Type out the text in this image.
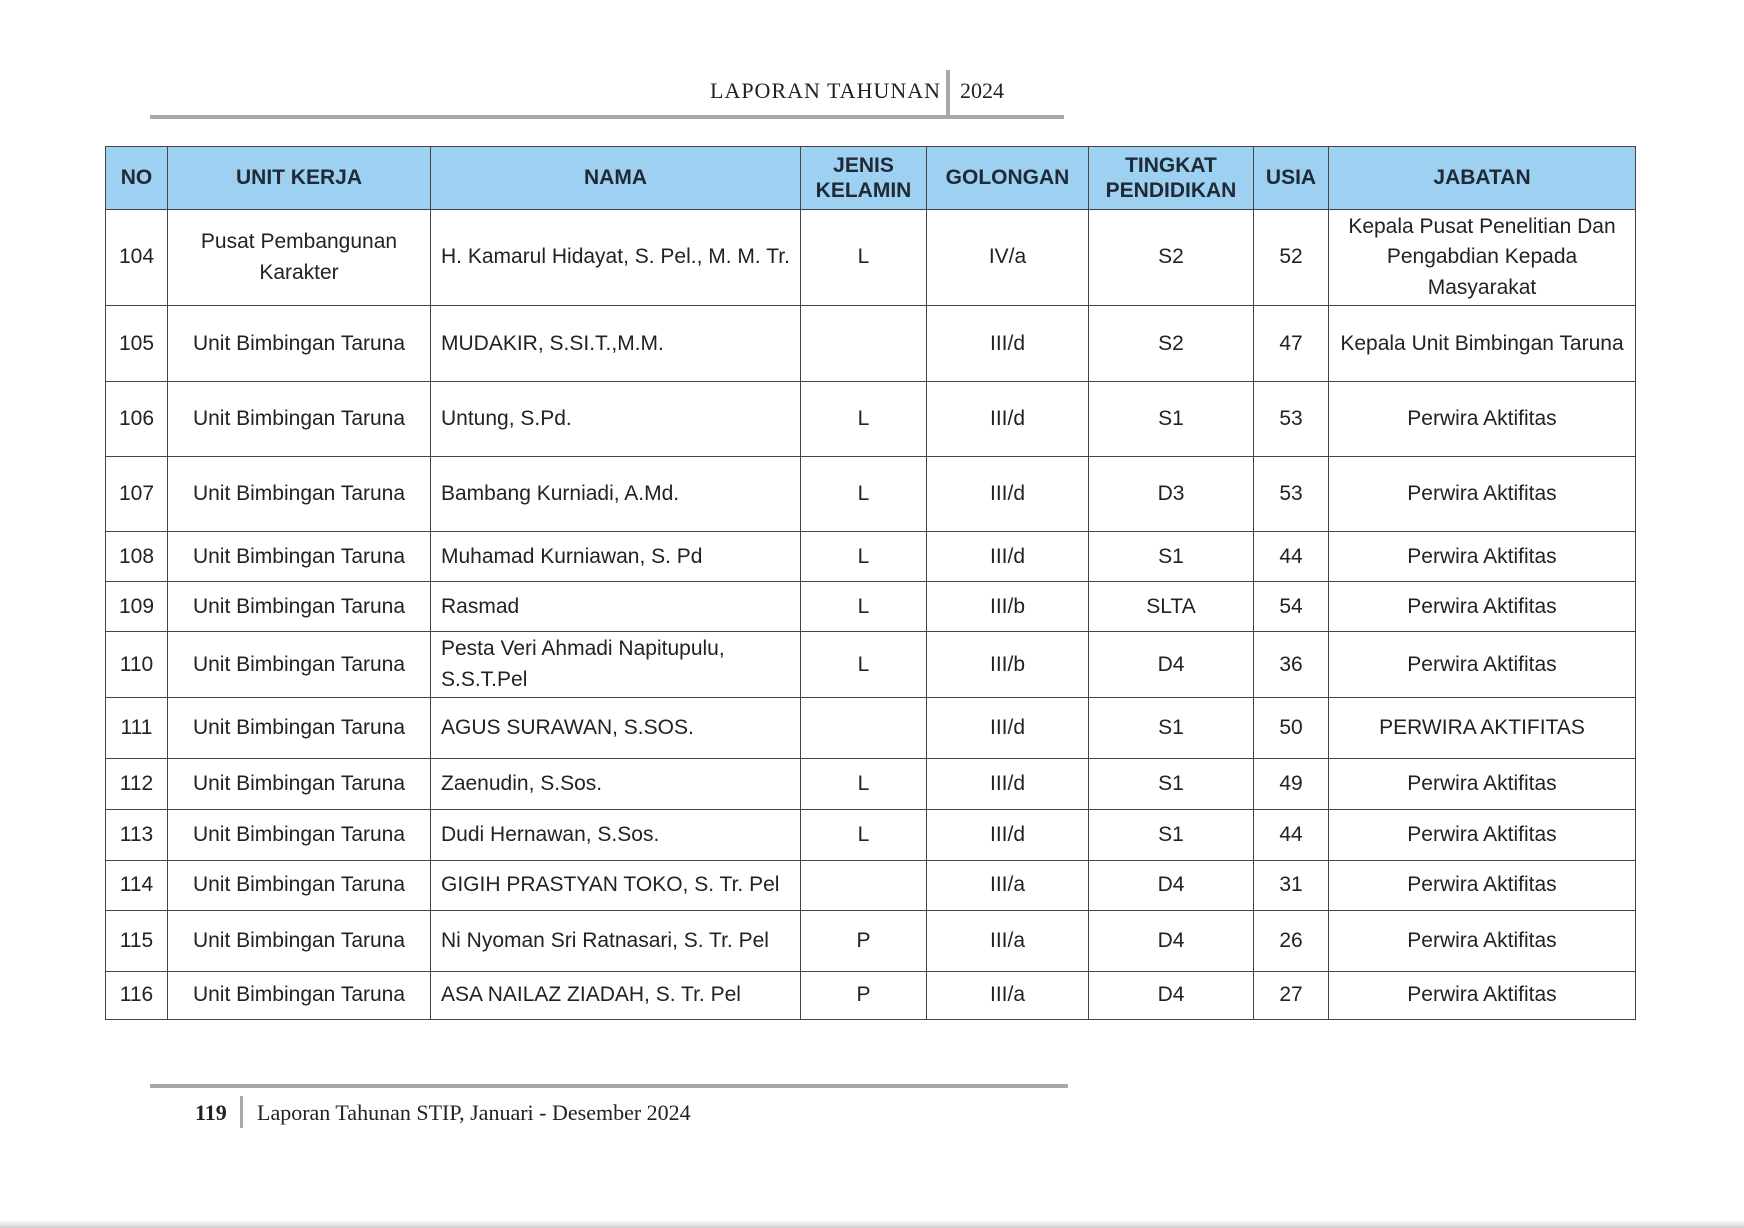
LAPORAN TAHUNAN 2024
NO	UNIT KERJA	NAMA	JENIS KELAMIN	GOLONGAN	TINGKAT PENDIDIKAN	USIA	JABATAN
104	Pusat Pembangunan Karakter	H. Kamarul Hidayat, S. Pel., M. M. Tr.	L	IV/a	S2	52	Kepala Pusat Penelitian Dan Pengabdian Kepada Masyarakat
105	Unit Bimbingan Taruna	MUDAKIR, S.SI.T.,M.M.		III/d	S2	47	Kepala Unit Bimbingan Taruna
106	Unit Bimbingan Taruna	Untung, S.Pd.	L	III/d	S1	53	Perwira Aktifitas
107	Unit Bimbingan Taruna	Bambang Kurniadi, A.Md.	L	III/d	D3	53	Perwira Aktifitas
108	Unit Bimbingan Taruna	Muhamad Kurniawan, S. Pd	L	III/d	S1	44	Perwira Aktifitas
109	Unit Bimbingan Taruna	Rasmad	L	III/b	SLTA	54	Perwira Aktifitas
110	Unit Bimbingan Taruna	Pesta Veri Ahmadi Napitupulu, S.S.T.Pel	L	III/b	D4	36	Perwira Aktifitas
111	Unit Bimbingan Taruna	AGUS SURAWAN, S.SOS.		III/d	S1	50	PERWIRA AKTIFITAS
112	Unit Bimbingan Taruna	Zaenudin, S.Sos.	L	III/d	S1	49	Perwira Aktifitas
113	Unit Bimbingan Taruna	Dudi Hernawan, S.Sos.	L	III/d	S1	44	Perwira Aktifitas
114	Unit Bimbingan Taruna	GIGIH PRASTYAN TOKO, S. Tr. Pel		III/a	D4	31	Perwira Aktifitas
115	Unit Bimbingan Taruna	Ni Nyoman Sri Ratnasari, S. Tr. Pel	P	III/a	D4	26	Perwira Aktifitas
116	Unit Bimbingan Taruna	ASA NAILAZ ZIADAH, S. Tr. Pel	P	III/a	D4	27	Perwira Aktifitas
119 Laporan Tahunan STIP, Januari - Desember 2024
